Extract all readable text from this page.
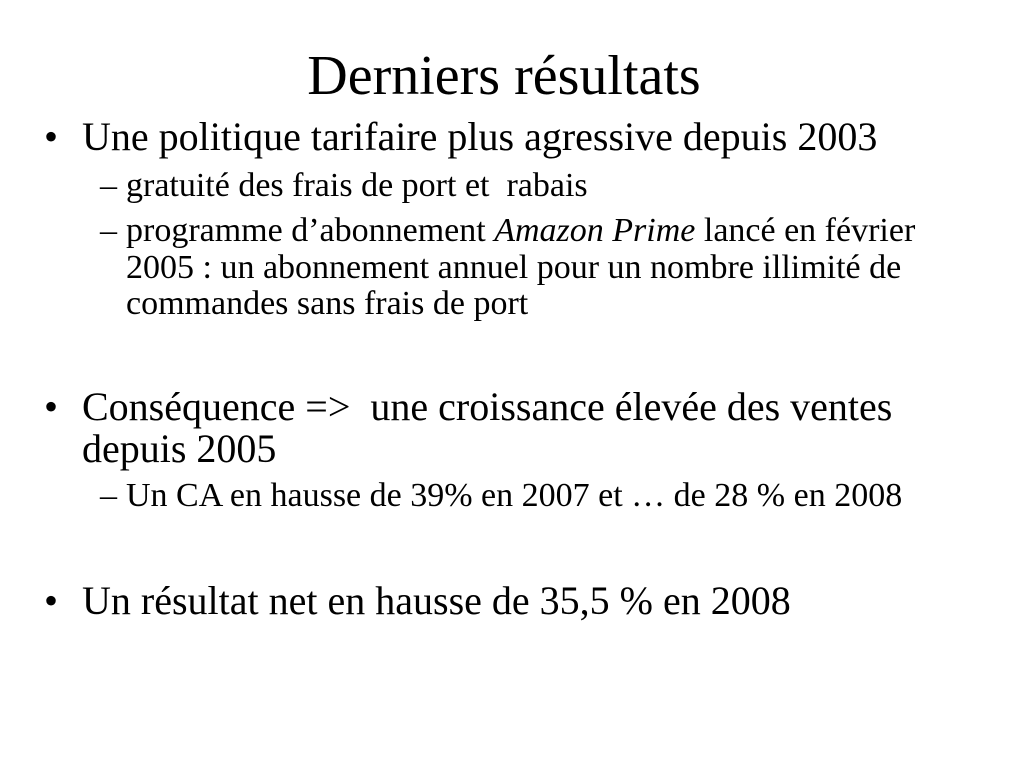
Derniers résultats
• Une politique tarifaire plus agressive depuis 2003
– gratuité des frais de port et  rabais
– programme d’abonnement Amazon Prime lancé en février 2005 : un abonnement annuel pour un nombre illimité de commandes sans frais de port
• Conséquence =>  une croissance élevée des ventes depuis 2005
– Un CA en hausse de 39% en 2007 et … de 28 % en 2008
• Un résultat net en hausse de 35,5 % en 2008
